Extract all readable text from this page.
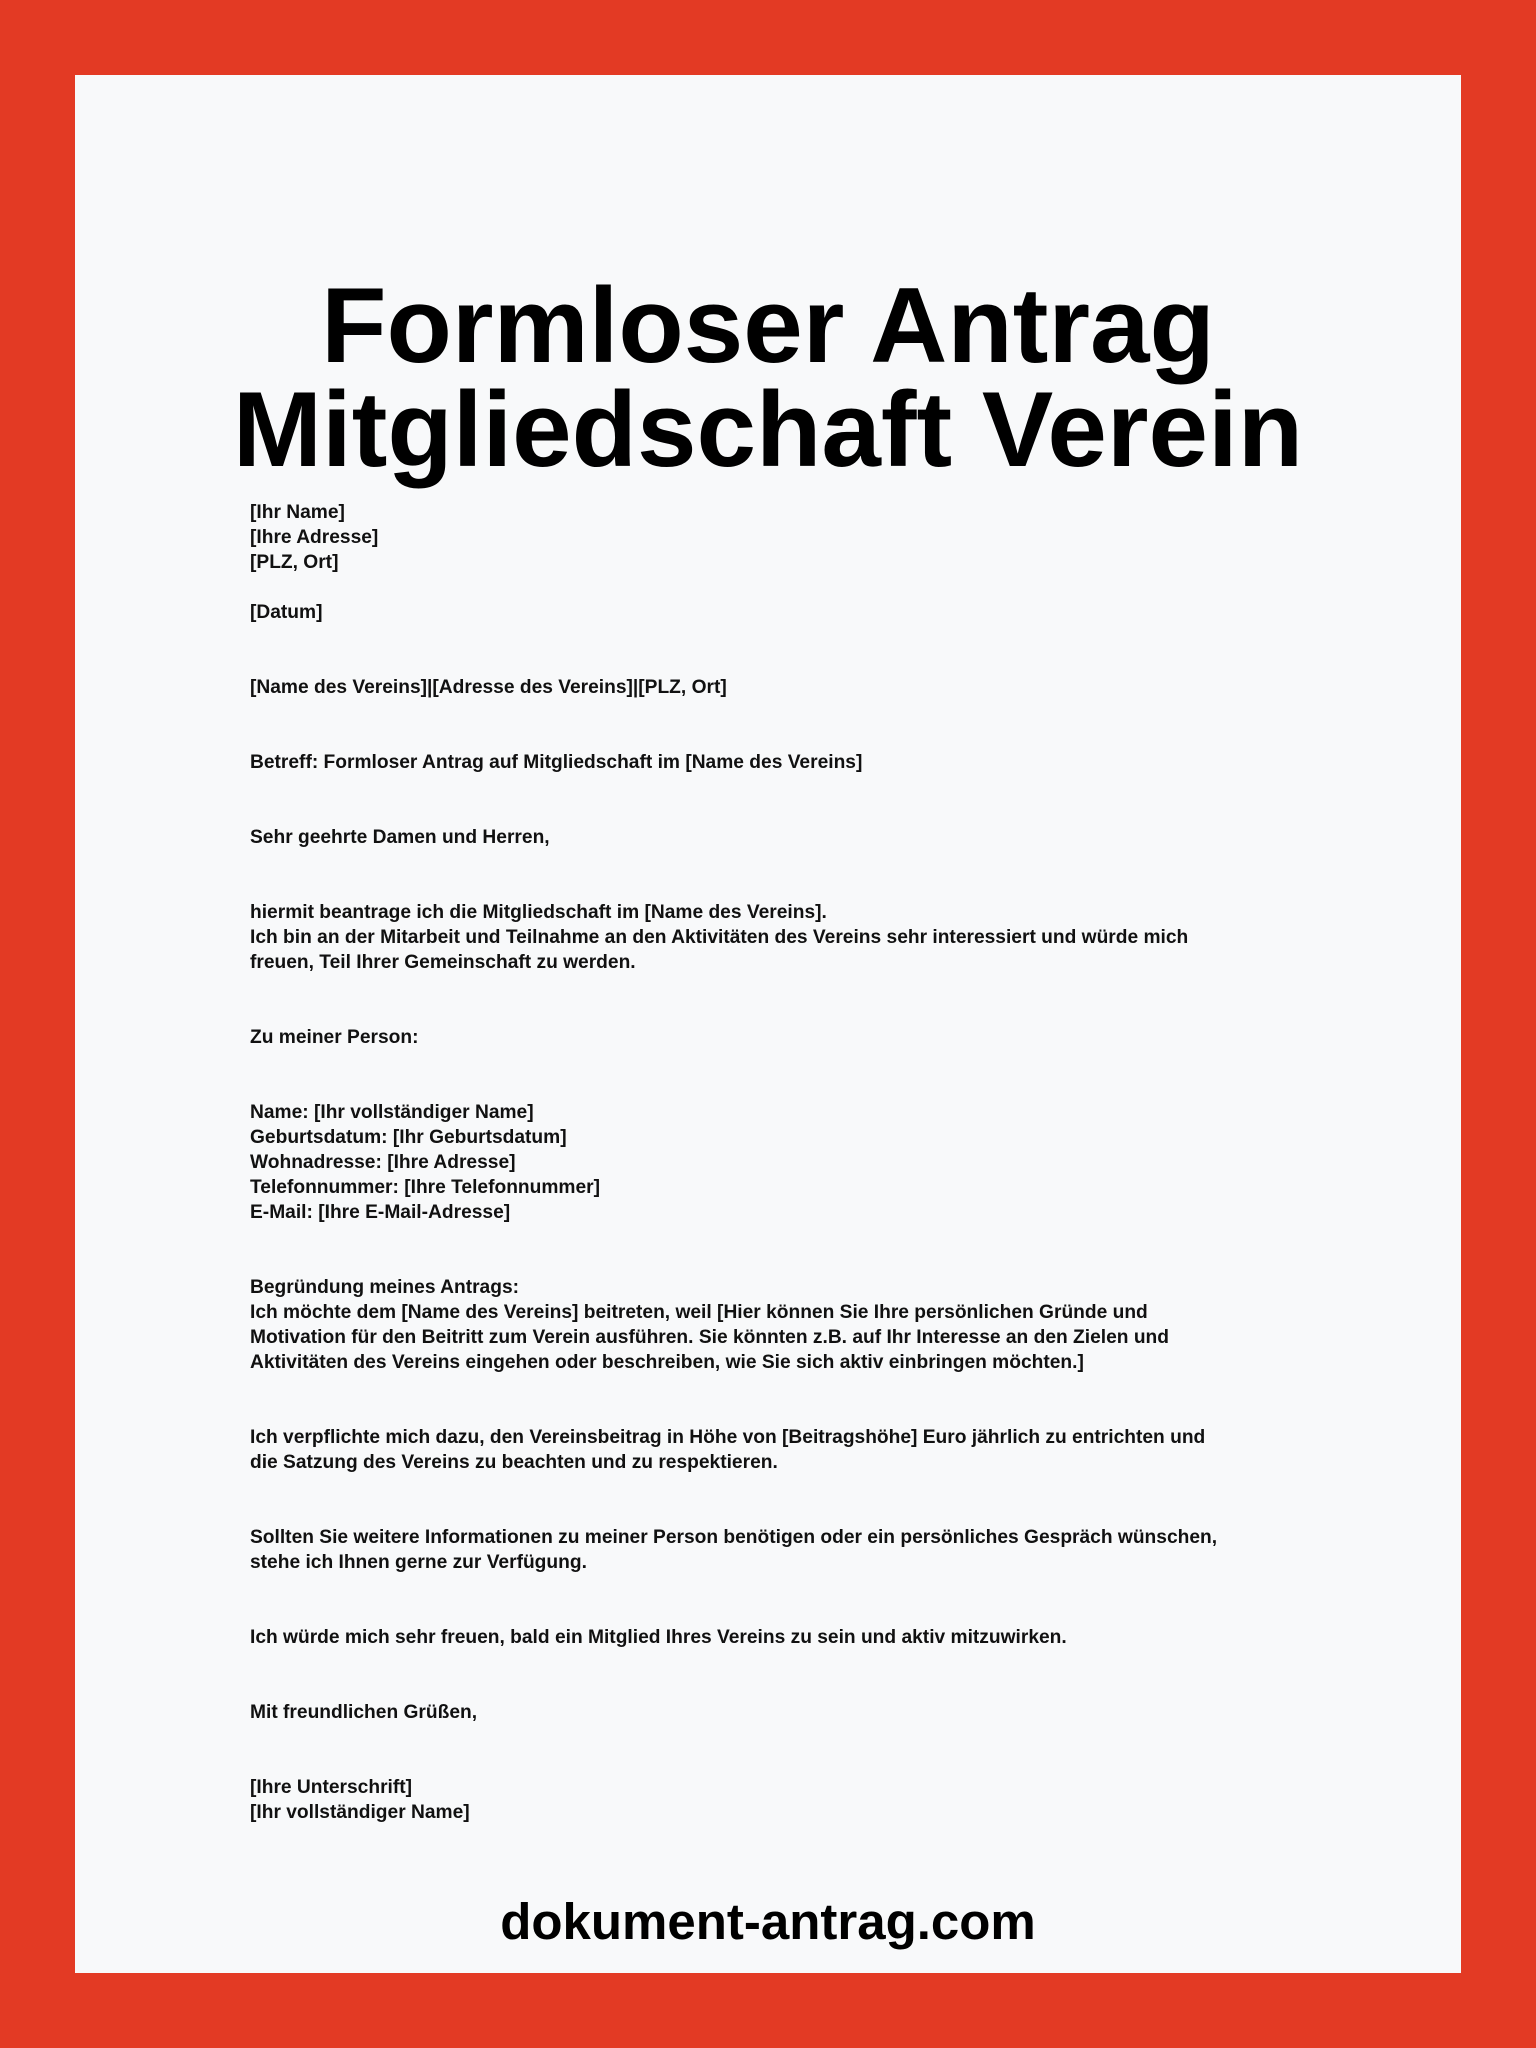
Formloser Antrag
Mitgliedschaft Verein
[Ihr Name]
[Ihre Adresse]
[PLZ, Ort]
[Datum]
[Name des Vereins]|[Adresse des Vereins]|[PLZ, Ort]
Betreff: Formloser Antrag auf Mitgliedschaft im [Name des Vereins]
Sehr geehrte Damen und Herren,
hiermit beantrage ich die Mitgliedschaft im [Name des Vereins].
Ich bin an der Mitarbeit und Teilnahme an den Aktivitäten des Vereins sehr interessiert und würde mich
freuen, Teil Ihrer Gemeinschaft zu werden.
Zu meiner Person:
Name: [Ihr vollständiger Name]
Geburtsdatum: [Ihr Geburtsdatum]
Wohnadresse: [Ihre Adresse]
Telefonnummer: [Ihre Telefonnummer]
E-Mail: [Ihre E-Mail-Adresse]
Begründung meines Antrags:
Ich möchte dem [Name des Vereins] beitreten, weil [Hier können Sie Ihre persönlichen Gründe und
Motivation für den Beitritt zum Verein ausführen. Sie könnten z.B. auf Ihr Interesse an den Zielen und
Aktivitäten des Vereins eingehen oder beschreiben, wie Sie sich aktiv einbringen möchten.]
Ich verpflichte mich dazu, den Vereinsbeitrag in Höhe von [Beitragshöhe] Euro jährlich zu entrichten und
die Satzung des Vereins zu beachten und zu respektieren.
Sollten Sie weitere Informationen zu meiner Person benötigen oder ein persönliches Gespräch wünschen,
stehe ich Ihnen gerne zur Verfügung.
Ich würde mich sehr freuen, bald ein Mitglied Ihres Vereins zu sein und aktiv mitzuwirken.
Mit freundlichen Grüßen,
[Ihre Unterschrift]
[Ihr vollständiger Name]
dokument-antrag.com
